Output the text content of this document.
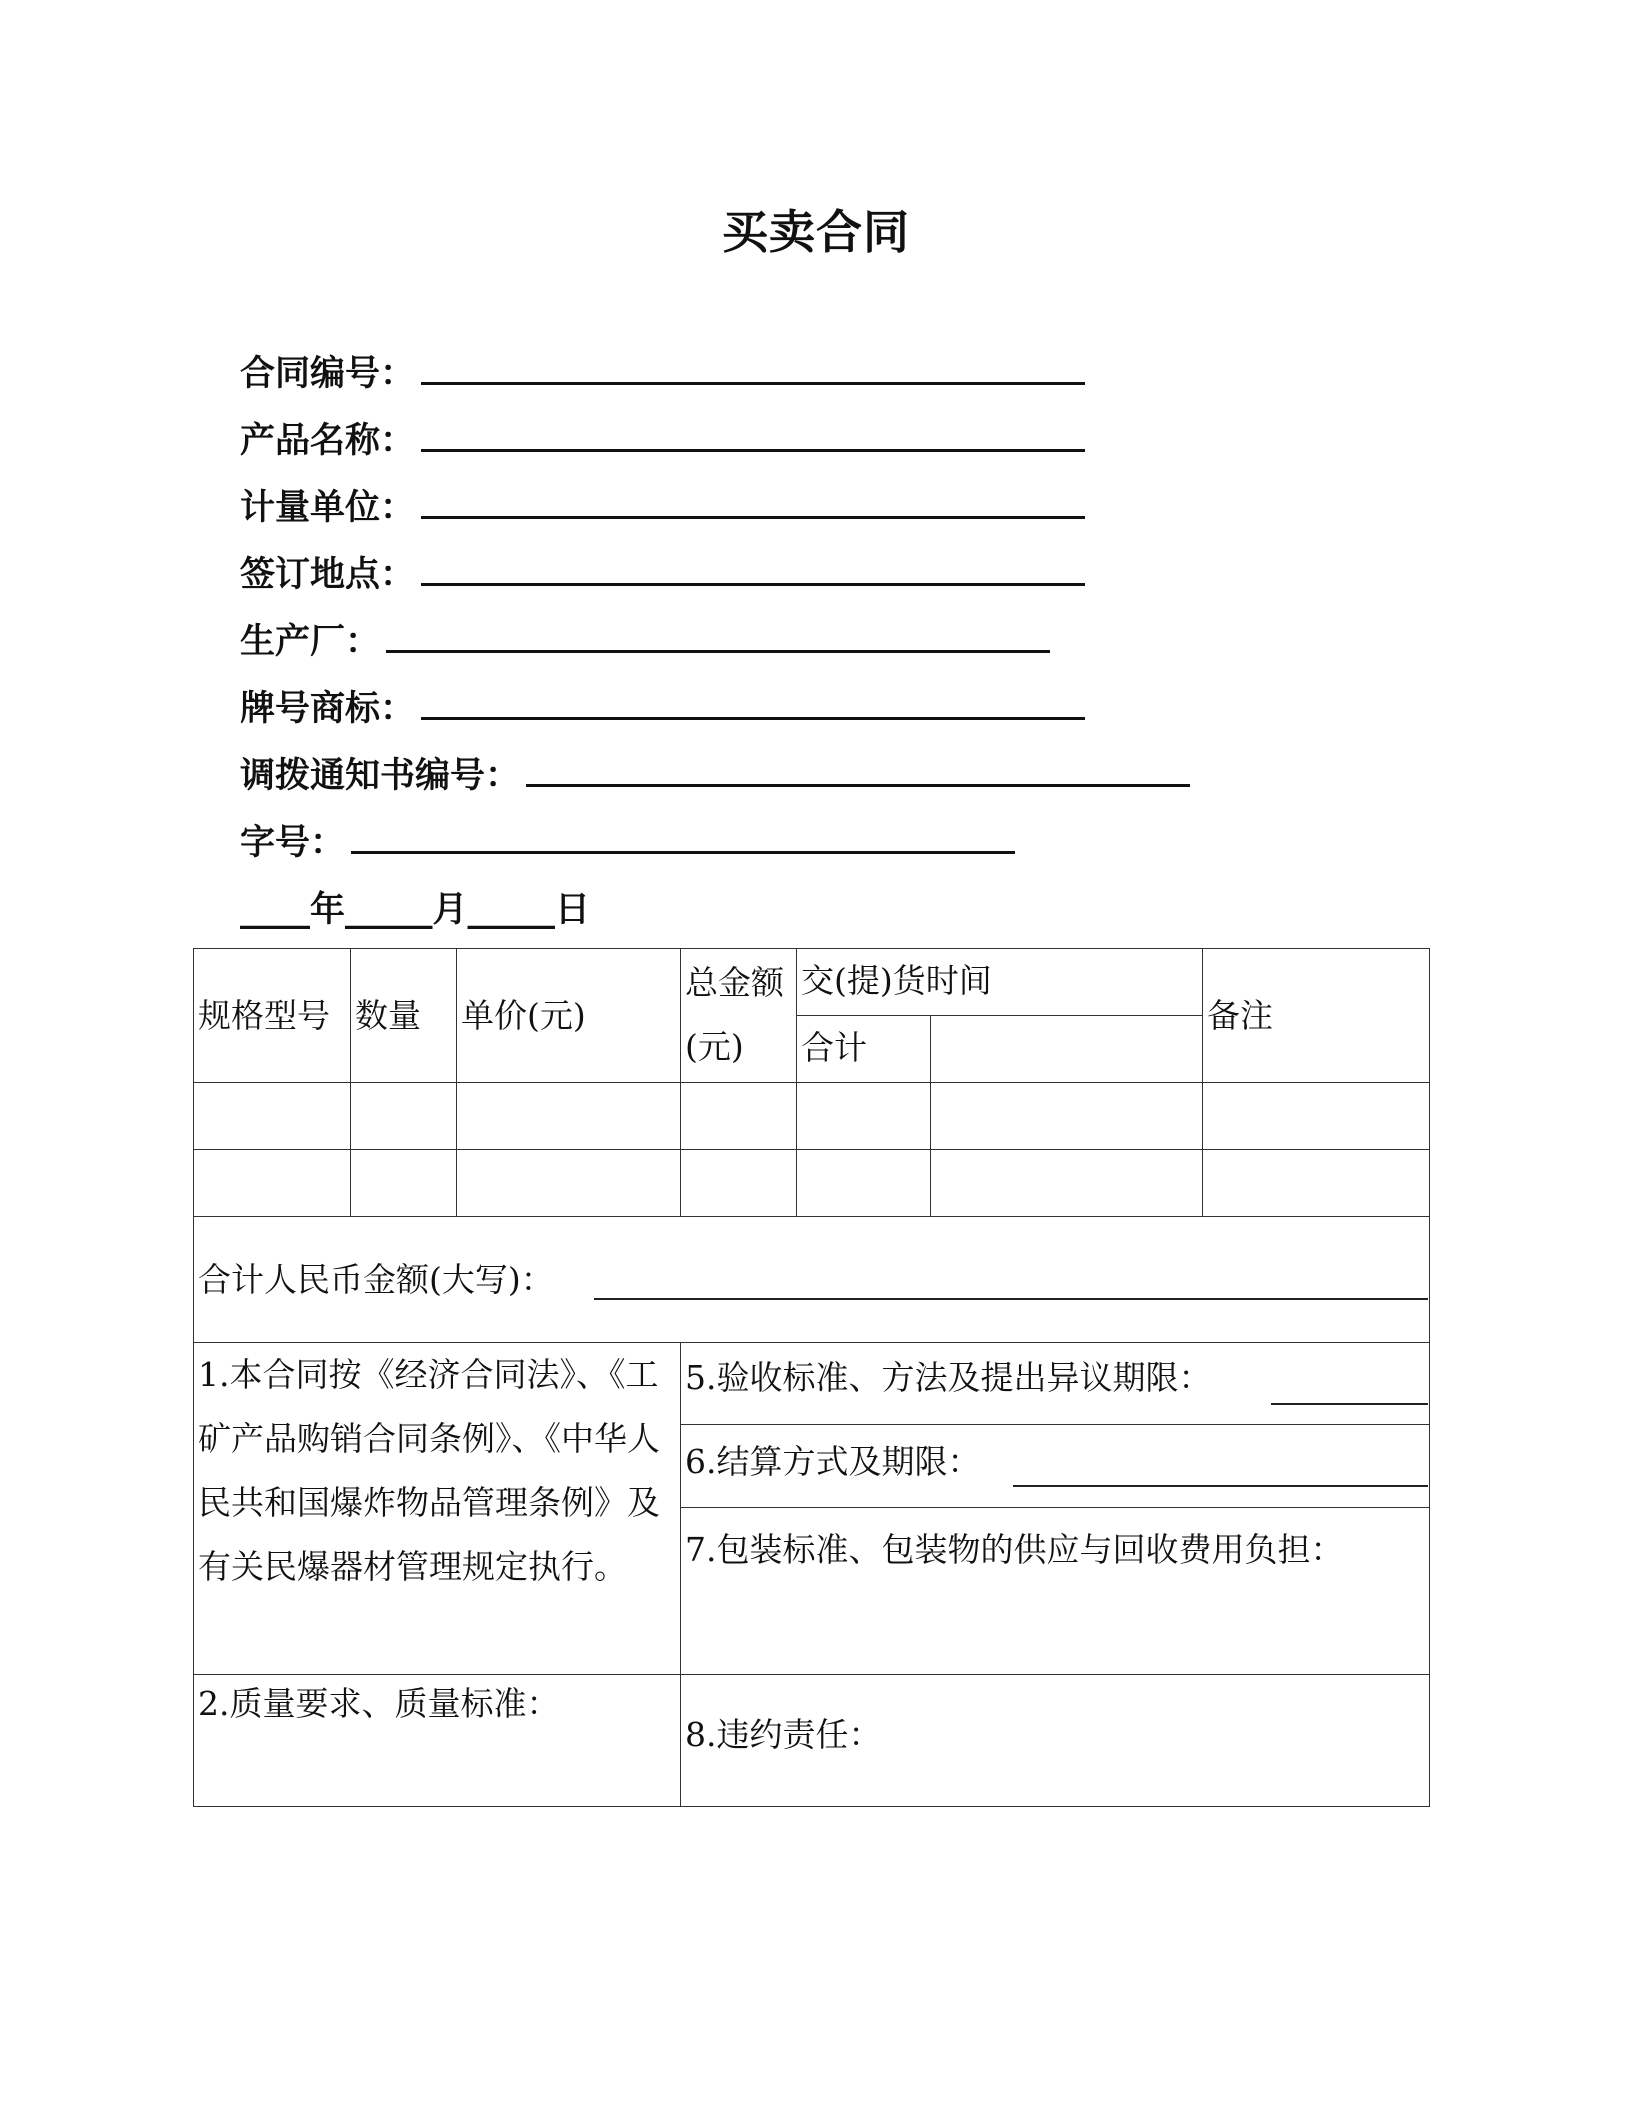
买卖合同
合同编号：
产品名称：
计量单位：
签订地点：
生产厂：
牌号商标：
调拨通知书编号：
字号：
____年_____月_____日
规格型号 数量	单价(元)
总金额
(元)
交(提)货时间
合计
备注
合计人民币金额(大写)：
1.本合同按《经济合同法》、《工矿产品购销合同条例》、《中华人民共和国爆炸物品管理条例》及有关民爆器材管理规定执行。
5.验收标准、方法及提出异议期限：
6.结算方式及期限：
7.包装标准、包装物的供应与回收费用负担：
2.质量要求、质量标准：
8.违约责任：
